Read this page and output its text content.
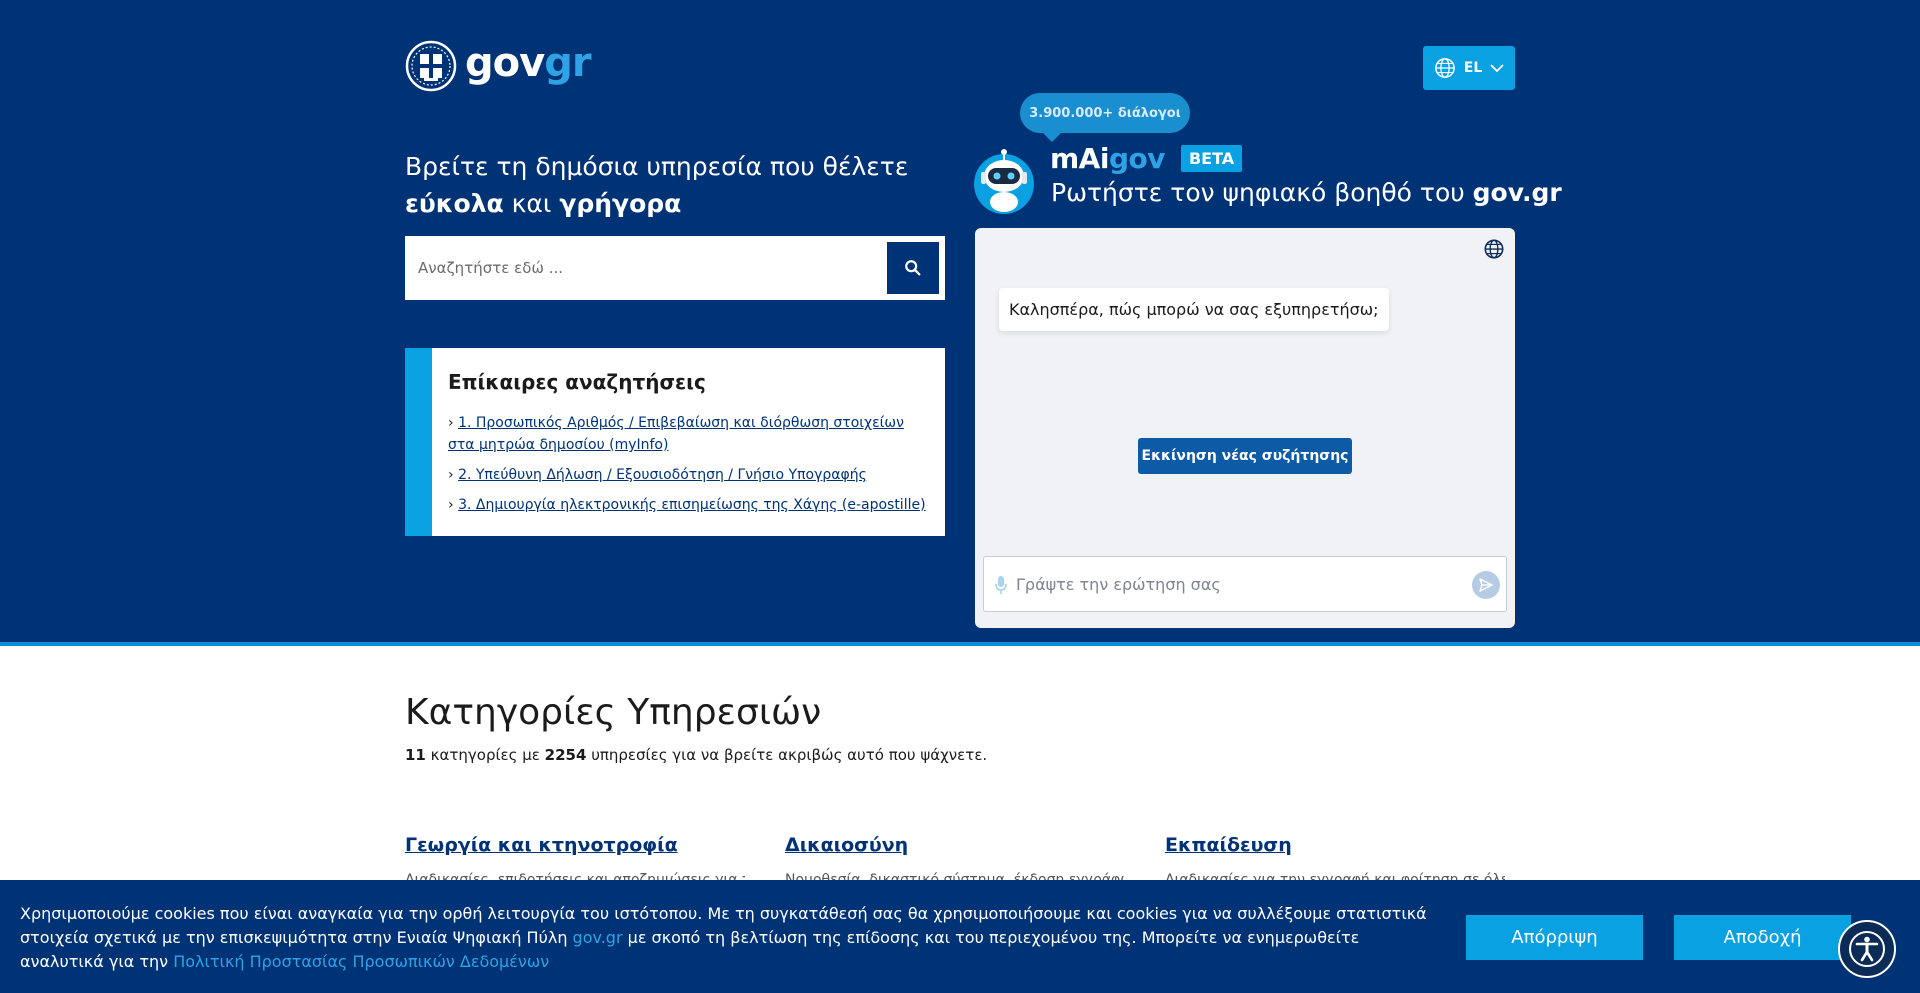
govgr	EL
Βρείτε τη δημόσια υπηρεσία που θέλετε εύκολα και γρήγορα
Αναζητήστε εδώ ...
Επίκαιρες αναζητήσεις
› 1. Προσωπικός Αριθμός / Επιβεβαίωση και διόρθωση στοιχείων στα μητρώα δημοσίου (myInfo)
› 2. Υπεύθυνη Δήλωση / Εξουσιοδότηση / Γνήσιο Υπογραφής
› 3. Δημιουργία ηλεκτρονικής επισημείωσης της Χάγης (e-apostille)
3.900.000+ διάλογοι
mAigov	BETA
Ρωτήστε τον ψηφιακό βοηθό του gov.gr
Καλησπέρα, πώς μπορώ να σας εξυπηρετήσω;
Εκκίνηση νέας συζήτησης
Γράψτε την ερώτηση σας
Κατηγορίες Υπηρεσιών
11 κατηγορίες με 2254 υπηρεσίες για να βρείτε ακριβώς αυτό που ψάχνετε.
Γεωργία και κτηνοτροφία	Δικαιοσύνη	Εκπαίδευση
Χρησιμοποιούμε cookies που είναι αναγκαία για την ορθή λειτουργία του ιστότοπου. Με τη συγκατάθεσή σας θα χρησιμοποιήσουμε και cookies για να συλλέξουμε στατιστικά στοιχεία σχετικά με την επισκεψιμότητα στην Ενιαία Ψηφιακή Πύλη gov.gr με σκοπό τη βελτίωση της επίδοσης και του περιεχομένου της. Μπορείτε να ενημερωθείτε αναλυτικά για την Πολιτική Προστασίας Προσωπικών Δεδομένων
Απόρριψη	Αποδοχή
